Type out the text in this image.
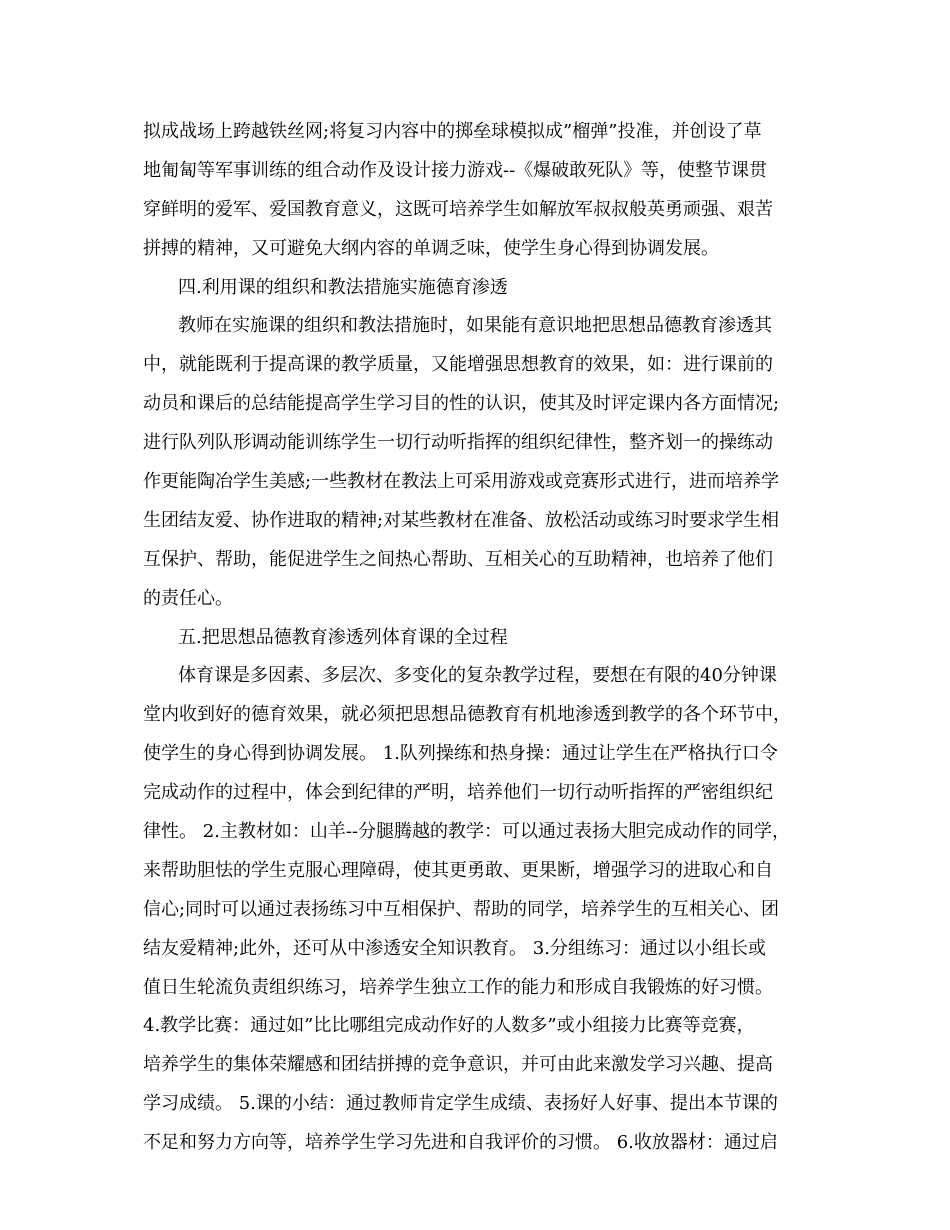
拟成战场上跨越铁丝网;将复习内容中的掷垒球模拟成”榴弹”投准，并创设了草
地匍匐等军事训练的组合动作及设计接力游戏--《爆破敢死队》等，使整节课贯
穿鲜明的爱军、爱国教育意义，这既可培养学生如解放军叔叔般英勇顽强、艰苦
拼搏的精神，又可避免大纲内容的单调乏味，使学生身心得到协调发展。
四.利用课的组织和教法措施实施德育渗透
教师在实施课的组织和教法措施时，如果能有意识地把思想品德教育渗透其
中，就能既利于提高课的教学质量，又能增强思想教育的效果，如：进行课前的
动员和课后的总结能提高学生学习目的性的认识，使其及时评定课内各方面情况;
进行队列队形调动能训练学生一切行动听指挥的组织纪律性，整齐划一的操练动
作更能陶冶学生美感;一些教材在教法上可采用游戏或竞赛形式进行，进而培养学
生团结友爱、协作进取的精神;对某些教材在准备、放松活动或练习时要求学生相
互保护、帮助，能促进学生之间热心帮助、互相关心的互助精神，也培养了他们
的责任心。
五.把思想品德教育渗透列体育课的全过程
体育课是多因素、多层次、多变化的复杂教学过程，要想在有限的40分钟课
堂内收到好的德育效果，就必须把思想品德教育有机地渗透到教学的各个环节中，
使学生的身心得到协调发展。 1.队列操练和热身操：通过让学生在严格执行口令
完成动作的过程中，体会到纪律的严明，培养他们一切行动听指挥的严密组织纪
律性。 2.主教材如：山羊--分腿腾越的教学：可以通过表扬大胆完成动作的同学，
来帮助胆怯的学生克服心理障碍，使其更勇敢、更果断，增强学习的进取心和自
信心;同时可以通过表扬练习中互相保护、帮助的同学，培养学生的互相关心、团
结友爱精神;此外，还可从中渗透安全知识教育。 3.分组练习：通过以小组长或
值日生轮流负责组织练习，培养学生独立工作的能力和形成自我锻炼的好习惯。
4.教学比赛：通过如”比比哪组完成动作好的人数多”或小组接力比赛等竞赛，
培养学生的集体荣耀感和团结拼搏的竞争意识，并可由此来激发学习兴趣、提高
学习成绩。 5.课的小结：通过教师肯定学生成绩、表扬好人好事、提出本节课的
不足和努力方向等，培养学生学习先进和自我评价的习惯。 6.收放器材：通过启
